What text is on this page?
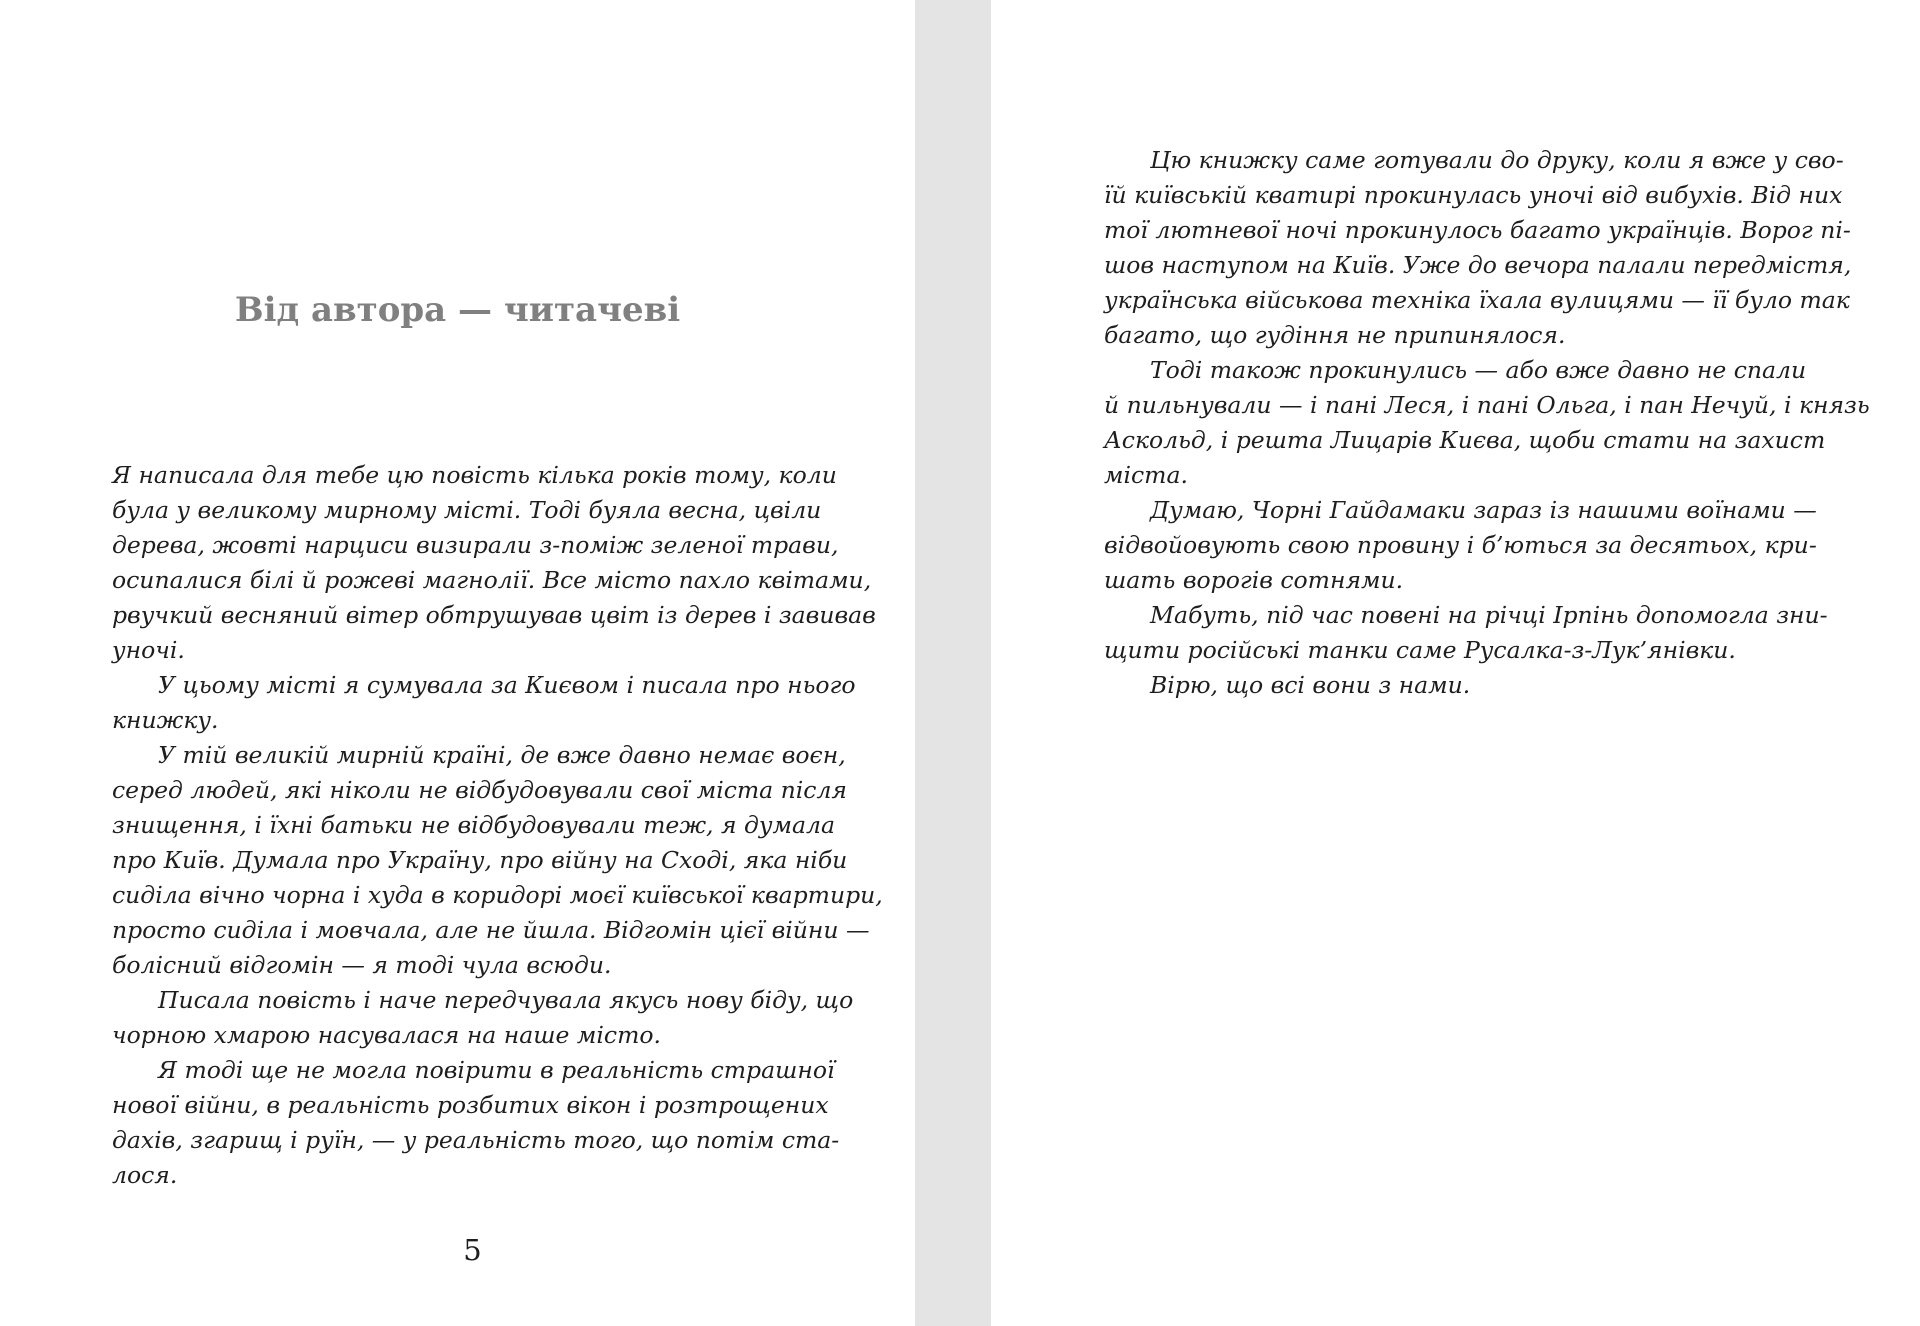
Від автора — читачеві
Я написала для тебе цю повість кілька років тому, коли
була у великому мирному місті. Тоді буяла весна, цвіли
дерева, жовті нарциси визирали з-поміж зеленої трави,
осипалися білі й рожеві магнолії. Все місто пахло квітами,
рвучкий весняний вітер обтрушував цвіт із дерев і завивав
уночі.
У цьому місті я сумувала за Києвом і писала про нього
книжку.
У тій великій мирній країні, де вже давно немає воєн,
серед людей, які ніколи не відбудовували свої міста після
знищення, і їхні батьки не відбудовували теж, я думала
про Київ. Думала про Україну, про війну на Сході, яка ніби
сиділа вічно чорна і худа в коридорі моєї київської квартири,
просто сиділа і мовчала, але не йшла. Відгомін цієї війни —
болісний відгомін — я тоді чула всюди.
Писала повість і наче передчувала якусь нову біду, що
чорною хмарою насувалася на наше місто.
Я тоді ще не могла повірити в реальність страшної
нової війни, в реальність розбитих вікон і розтрощених
дахів, згарищ і руїн, — у реальність того, що потім ста-
лося.
5
Цю книжку саме готували до друку, коли я вже у сво-
їй київській кватирі прокинулась уночі від вибухів. Від них
тої лютневої ночі прокинулось багато українців. Ворог пі-
шов наступом на Київ. Уже до вечора палали передмістя,
українська військова техніка їхала вулицями — її було так
багато, що гудіння не припинялося.
Тоді також прокинулись — або вже давно не спали
й пильнували — і пані Леся, і пані Ольга, і пан Нечуй, і князь
Аскольд, і решта Лицарів Києва, щоби стати на захист
міста.
Думаю, Чорні Гайдамаки зараз із нашими воїнами —
відвойовують свою провину і б’ються за десятьох, кри-
шать ворогів сотнями.
Мабуть, під час повені на річці Ірпінь допомогла зни-
щити російські танки саме Русалка-з-Лук’янівки.
Вірю, що всі вони з нами.
